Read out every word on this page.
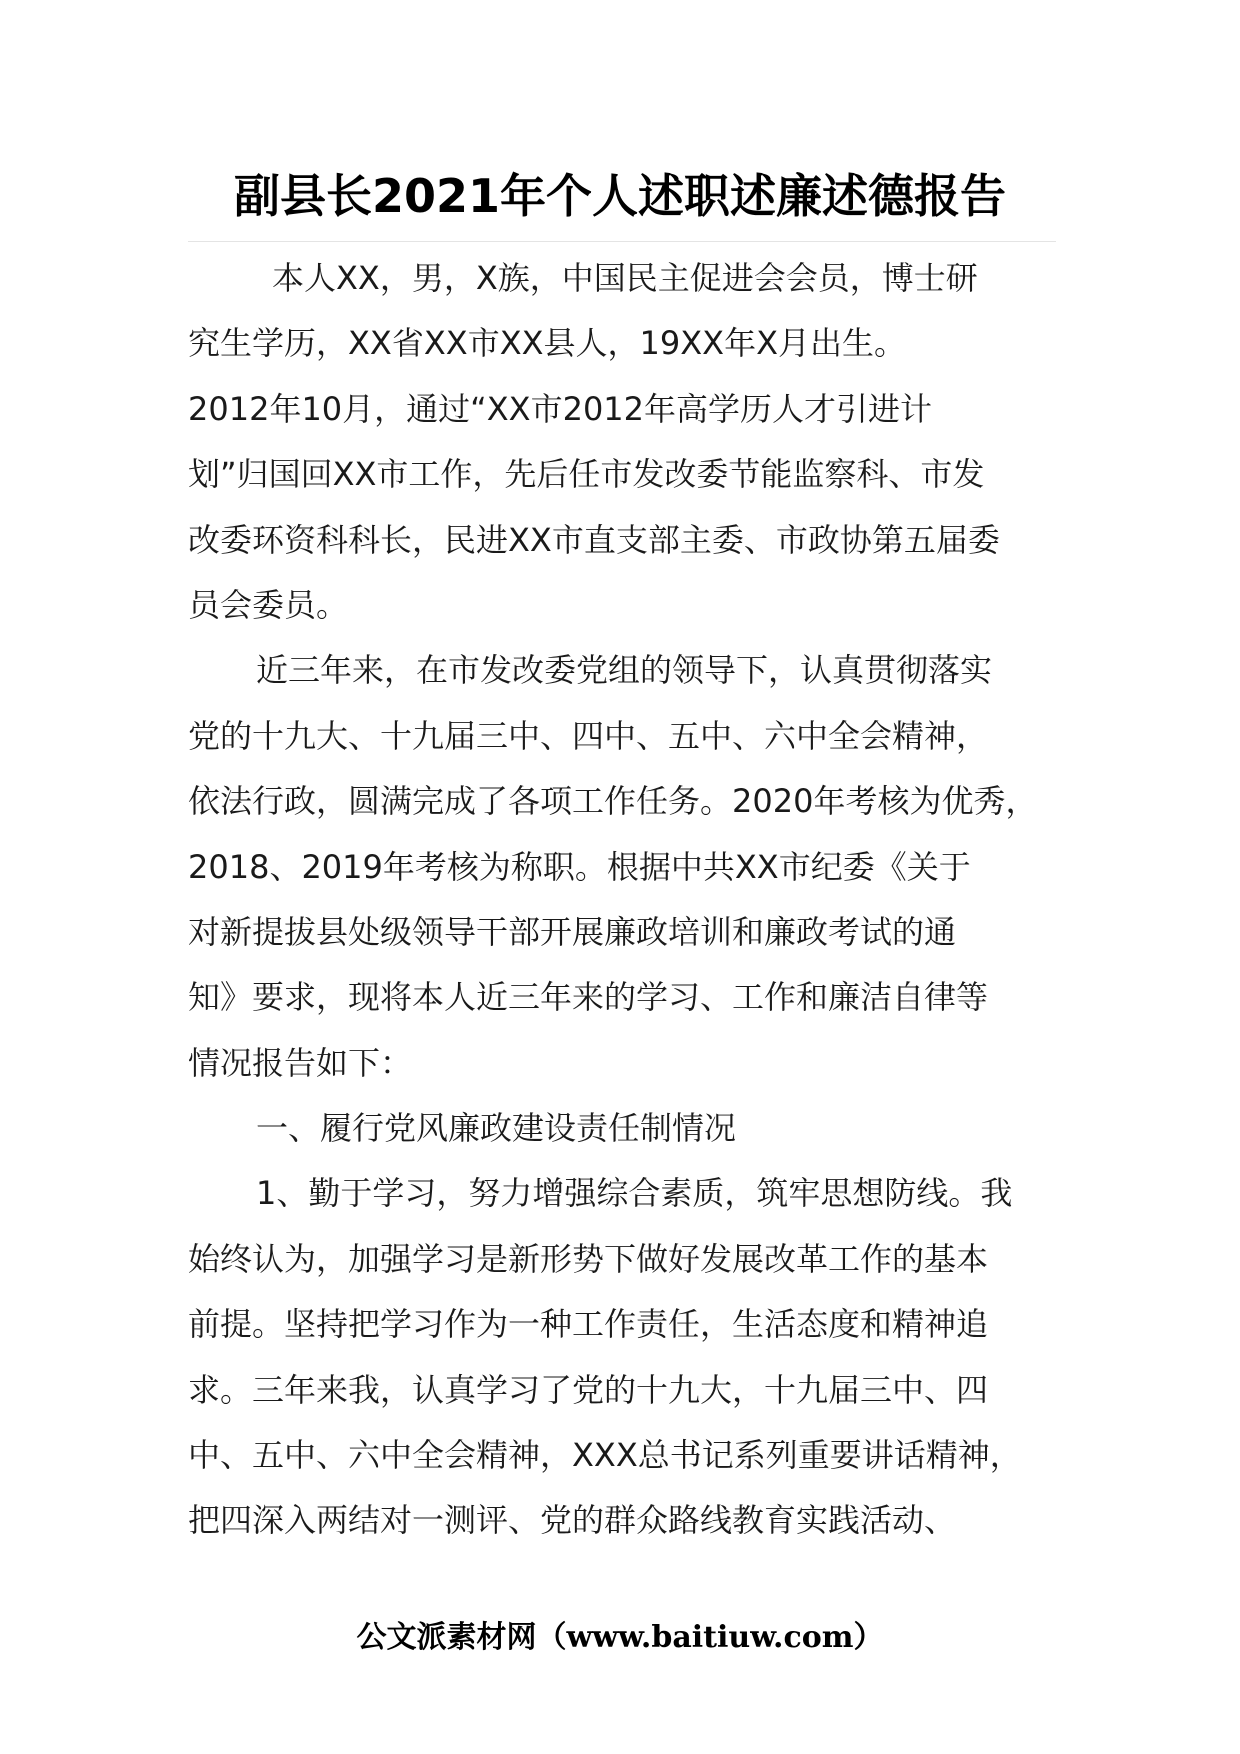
副县长2021年个人述职述廉述德报告
本人XX，男，X族，中国民主促进会会员，博士研
究生学历，XX省XX市XX县人，19XX年X月出生。
2012年10月，通过“XX市2012年高学历人才引进计
划”归国回XX市工作，先后任市发改委节能监察科、市发
改委环资科科长，民进XX市直支部主委、市政协第五届委
员会委员。
近三年来，在市发改委党组的领导下，认真贯彻落实
党的十九大、十九届三中、四中、五中、六中全会精神，
依法行政，圆满完成了各项工作任务。2020年考核为优秀，
2018、2019年考核为称职。根据中共XX市纪委《关于
对新提拔县处级领导干部开展廉政培训和廉政考试的通
知》要求，现将本人近三年来的学习、工作和廉洁自律等
情况报告如下：
一、履行党风廉政建设责任制情况
1、勤于学习，努力增强综合素质，筑牢思想防线。我
始终认为，加强学习是新形势下做好发展改革工作的基本
前提。坚持把学习作为一种工作责任，生活态度和精神追
求。三年来我，认真学习了党的十九大，十九届三中、四
中、五中、六中全会精神，XXX总书记系列重要讲话精神，
把四深入两结对一测评、党的群众路线教育实践活动、
公文派素材网（www.baitiuw.com）
